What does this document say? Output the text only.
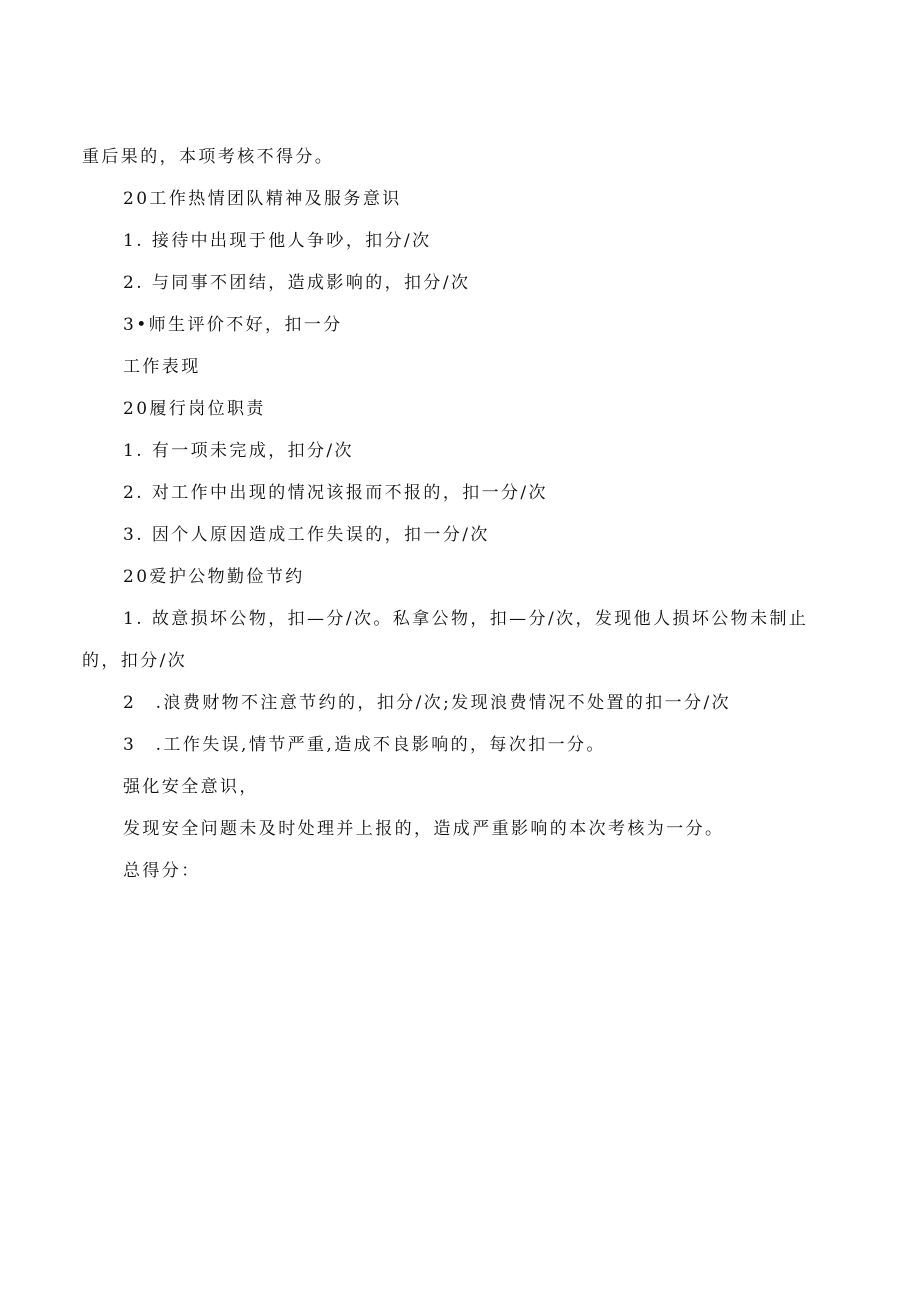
重后果的，本项考核不得分。
20工作热情团队精神及服务意识
1. 接待中出现于他人争吵，扣分/次
2. 与同事不团结，造成影响的，扣分/次
3•师生评价不好，扣一分
工作表现
20履行岗位职责
1. 有一项未完成，扣分/次
2. 对工作中出现的情况该报而不报的，扣一分/次
3. 因个人原因造成工作失误的，扣一分/次
20爱护公物勤俭节约
1. 故意损坏公物，扣—分/次。私拿公物，扣—分/次，发现他人损坏公物未制止的，扣分/次
2　.浪费财物不注意节约的，扣分/次;发现浪费情况不处置的扣一分/次
3　.工作失误,情节严重,造成不良影响的，每次扣一分。
强化安全意识，
发现安全问题未及时处理并上报的，造成严重影响的本次考核为一分。
总得分：
